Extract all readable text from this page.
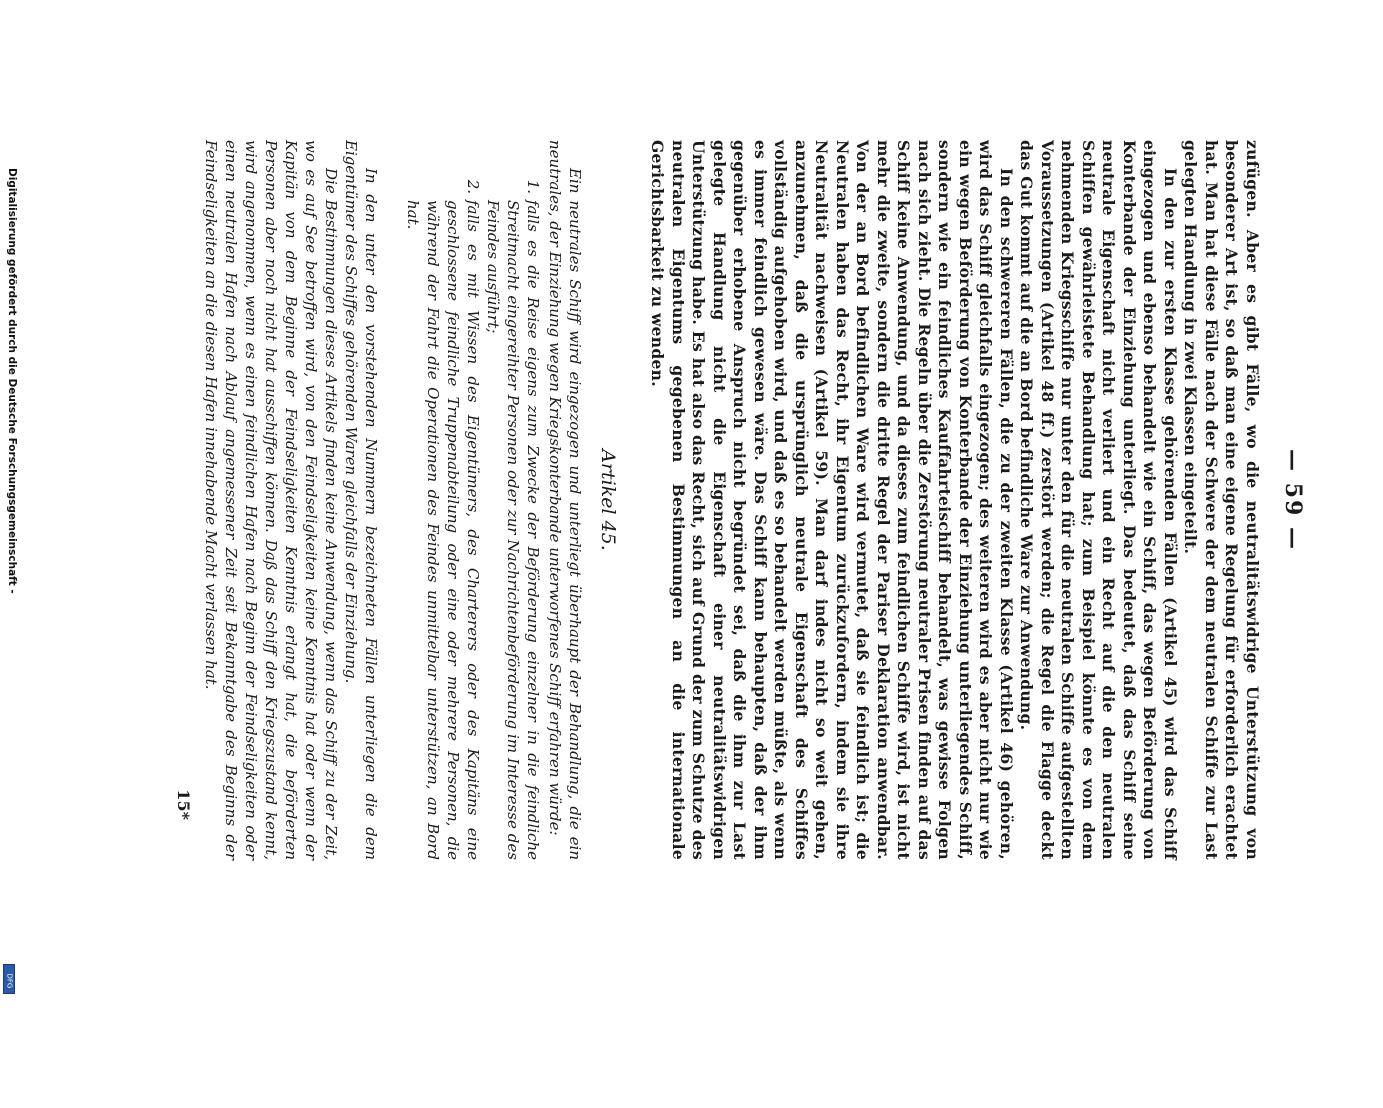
— 59 —

zufügen. Aber es gibt Fälle, wo die neutralitätswidrige Unterstützung von besonderer Art ist, so daß man eine eigene Regelung für erforderlich erachtet hat. Man hat diese Fälle nach der Schwere der dem neutralen Schiffe zur Last gelegten Handlung in zwei Klassen eingeteilt.

In den zur ersten Klasse gehörenden Fällen (Artikel 45) wird das Schiff eingezogen und ebenso behandelt wie ein Schiff, das wegen Beförderung von Konterbande der Einziehung unterliegt. Das bedeutet, daß das Schiff seine neutrale Eigenschaft nicht verliert und ein Recht auf die den neutralen Schiffen gewährleistete Behandlung hat; zum Beispiel könnte es von dem nehmenden Kriegsschiffe nur unter den für die neutralen Schiffe aufgestellten Voraussetzungen (Artikel 48 ff.) zerstört werden; die Regel die Flagge deckt das Gut kommt auf die an Bord befindliche Ware zur Anwendung.

In den schwereren Fällen, die zu der zweiten Klasse (Artikel 46) gehören, wird das Schiff gleichfalls eingezogen; des weiteren wird es aber nicht nur wie ein wegen Beförderung von Konterbande der Einziehung unterliegendes Schiff, sondern wie ein feindliches Kauffahrteischiff behandelt, was gewisse Folgen nach sich zieht. Die Regeln über die Zerstörung neutraler Prisen finden auf das Schiff keine Anwendung, und da dieses zum feindlichen Schiffe wird, ist nicht mehr die zweite, sondern die dritte Regel der Pariser Deklaration anwendbar. Von der an Bord befindlichen Ware wird vermutet, daß sie feindlich ist; die Neutralen haben das Recht, ihr Eigentum zurückzufordern, indem sie ihre Neutralität nachweisen (Artikel 59). Man darf indes nicht so weit gehen, anzunehmen, daß die ursprünglich neutrale Eigenschaft des Schiffes vollständig aufgehoben wird, und daß es so behandelt werden müßte, als wenn es immer feindlich gewesen wäre. Das Schiff kann behaupten, daß der ihm gegenüber erhobene Anspruch nicht begründet sei, daß die ihm zur Last gelegte Handlung nicht die Eigenschaft einer neutralitätswidrigen Unterstützung habe. Es hat also das Recht, sich auf Grund der zum Schutze des neutralen Eigentums gegebenen Bestimmungen an die internationale Gerichtsbarkeit zu wenden.

Artikel 45.

Ein neutrales Schiff wird eingezogen und unterliegt überhaupt der Behandlung, die ein neutrales, der Einziehung wegen Kriegskonterbande unterworfenes Schiff erfahren würde:

1.
falls es die Reise eigens zum Zwecke der Beförderung einzelner in die feindliche Streitmacht eingereihter Personen oder zur Nachrichtenbeförderung im Interesse des Feindes ausführt;
2.
falls es mit Wissen des Eigentümers, des Charterers oder des Kapitäns eine geschlossene feindliche Truppenabteilung oder eine oder mehrere Personen, die während der Fahrt die Operationen des Feindes unmittelbar unterstützen, an Bord hat.

In den unter den vorstehenden Nummern bezeichneten Fällen unterliegen die dem Eigentümer des Schiffes gehörenden Waren gleichfalls der Einziehung.

Die Bestimmungen dieses Artikels finden keine Anwendung, wenn das Schiff zu der Zeit, wo es auf See betroffen wird, von den Feindseligkeiten keine Kenntnis hat oder wenn der Kapitän von dem Beginne der Feindseligkeiten Kenntnis erlangt hat, die beförderten Personen aber noch nicht hat ausschiffen können. Daß das Schiff den Kriegszustand kennt, wird angenommen, wenn es einen feindlichen Hafen nach Beginn der Feindseligkeiten oder einen neutralen Hafen nach Ablauf angemessener Zeit seit Bekanntgabe des Beginns der Feindseligkeiten an die diesen Hafen innehabende Macht verlassen hat.

15*
Digitalisierung gefördert durch die Deutsche Forschungsgemeinschaft -
DFG
